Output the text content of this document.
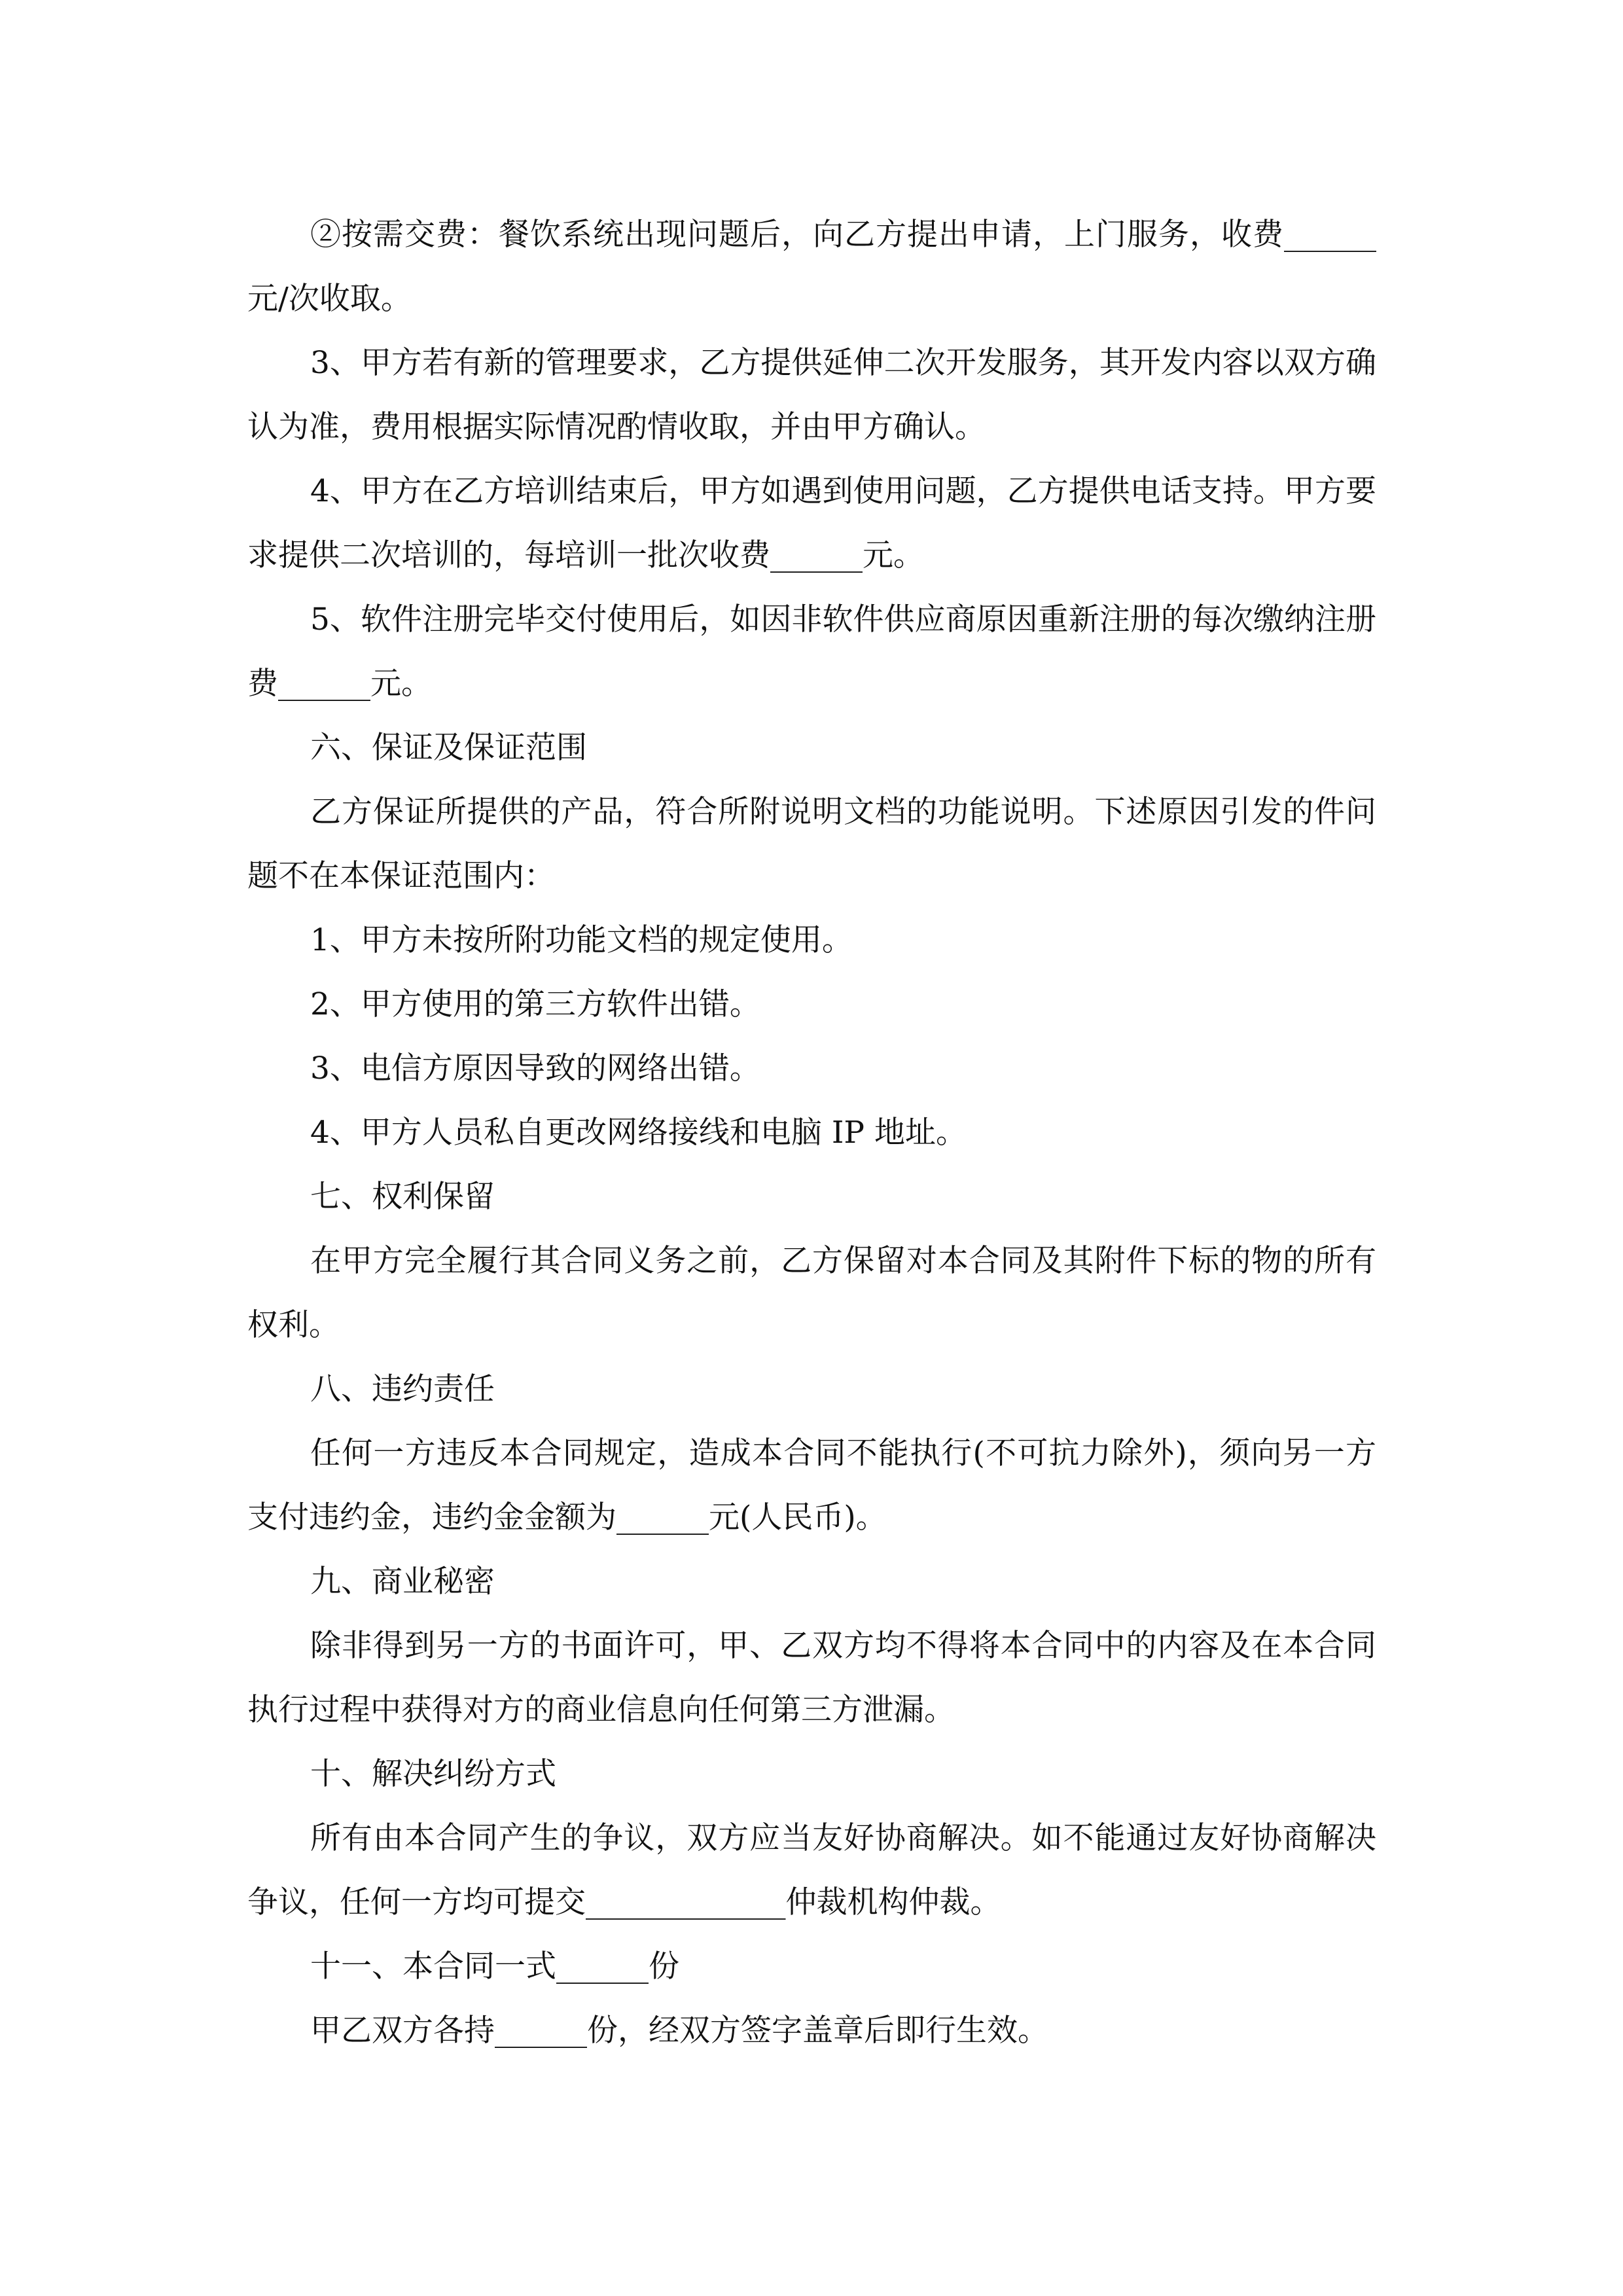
②按需交费：餐饮系统出现问题后，向乙方提出申请，上门服务，收费______元/次收取。

3、甲方若有新的管理要求，乙方提供延伸二次开发服务，其开发内容以双方确认为准，费用根据实际情况酌情收取，并由甲方确认。

4、甲方在乙方培训结束后，甲方如遇到使用问题，乙方提供电话支持。甲方要求提供二次培训的，每培训一批次收费______元。

5、软件注册完毕交付使用后，如因非软件供应商原因重新注册的每次缴纳注册费______元。

六、保证及保证范围

乙方保证所提供的产品，符合所附说明文档的功能说明。下述原因引发的件问题不在本保证范围内：

1、甲方未按所附功能文档的规定使用。

2、甲方使用的第三方软件出错。

3、电信方原因导致的网络出错。

4、甲方人员私自更改网络接线和电脑 IP 地址。

七、权利保留

在甲方完全履行其合同义务之前，乙方保留对本合同及其附件下标的物的所有权利。

八、违约责任

任何一方违反本合同规定，造成本合同不能执行(不可抗力除外)，须向另一方支付违约金，违约金金额为______元(人民币)。

九、商业秘密

除非得到另一方的书面许可，甲、乙双方均不得将本合同中的内容及在本合同执行过程中获得对方的商业信息向任何第三方泄漏。

十、解决纠纷方式

所有由本合同产生的争议，双方应当友好协商解决。如不能通过友好协商解决争议，任何一方均可提交_____________仲裁机构仲裁。

十一、本合同一式______份

甲乙双方各持______份，经双方签字盖章后即行生效。
